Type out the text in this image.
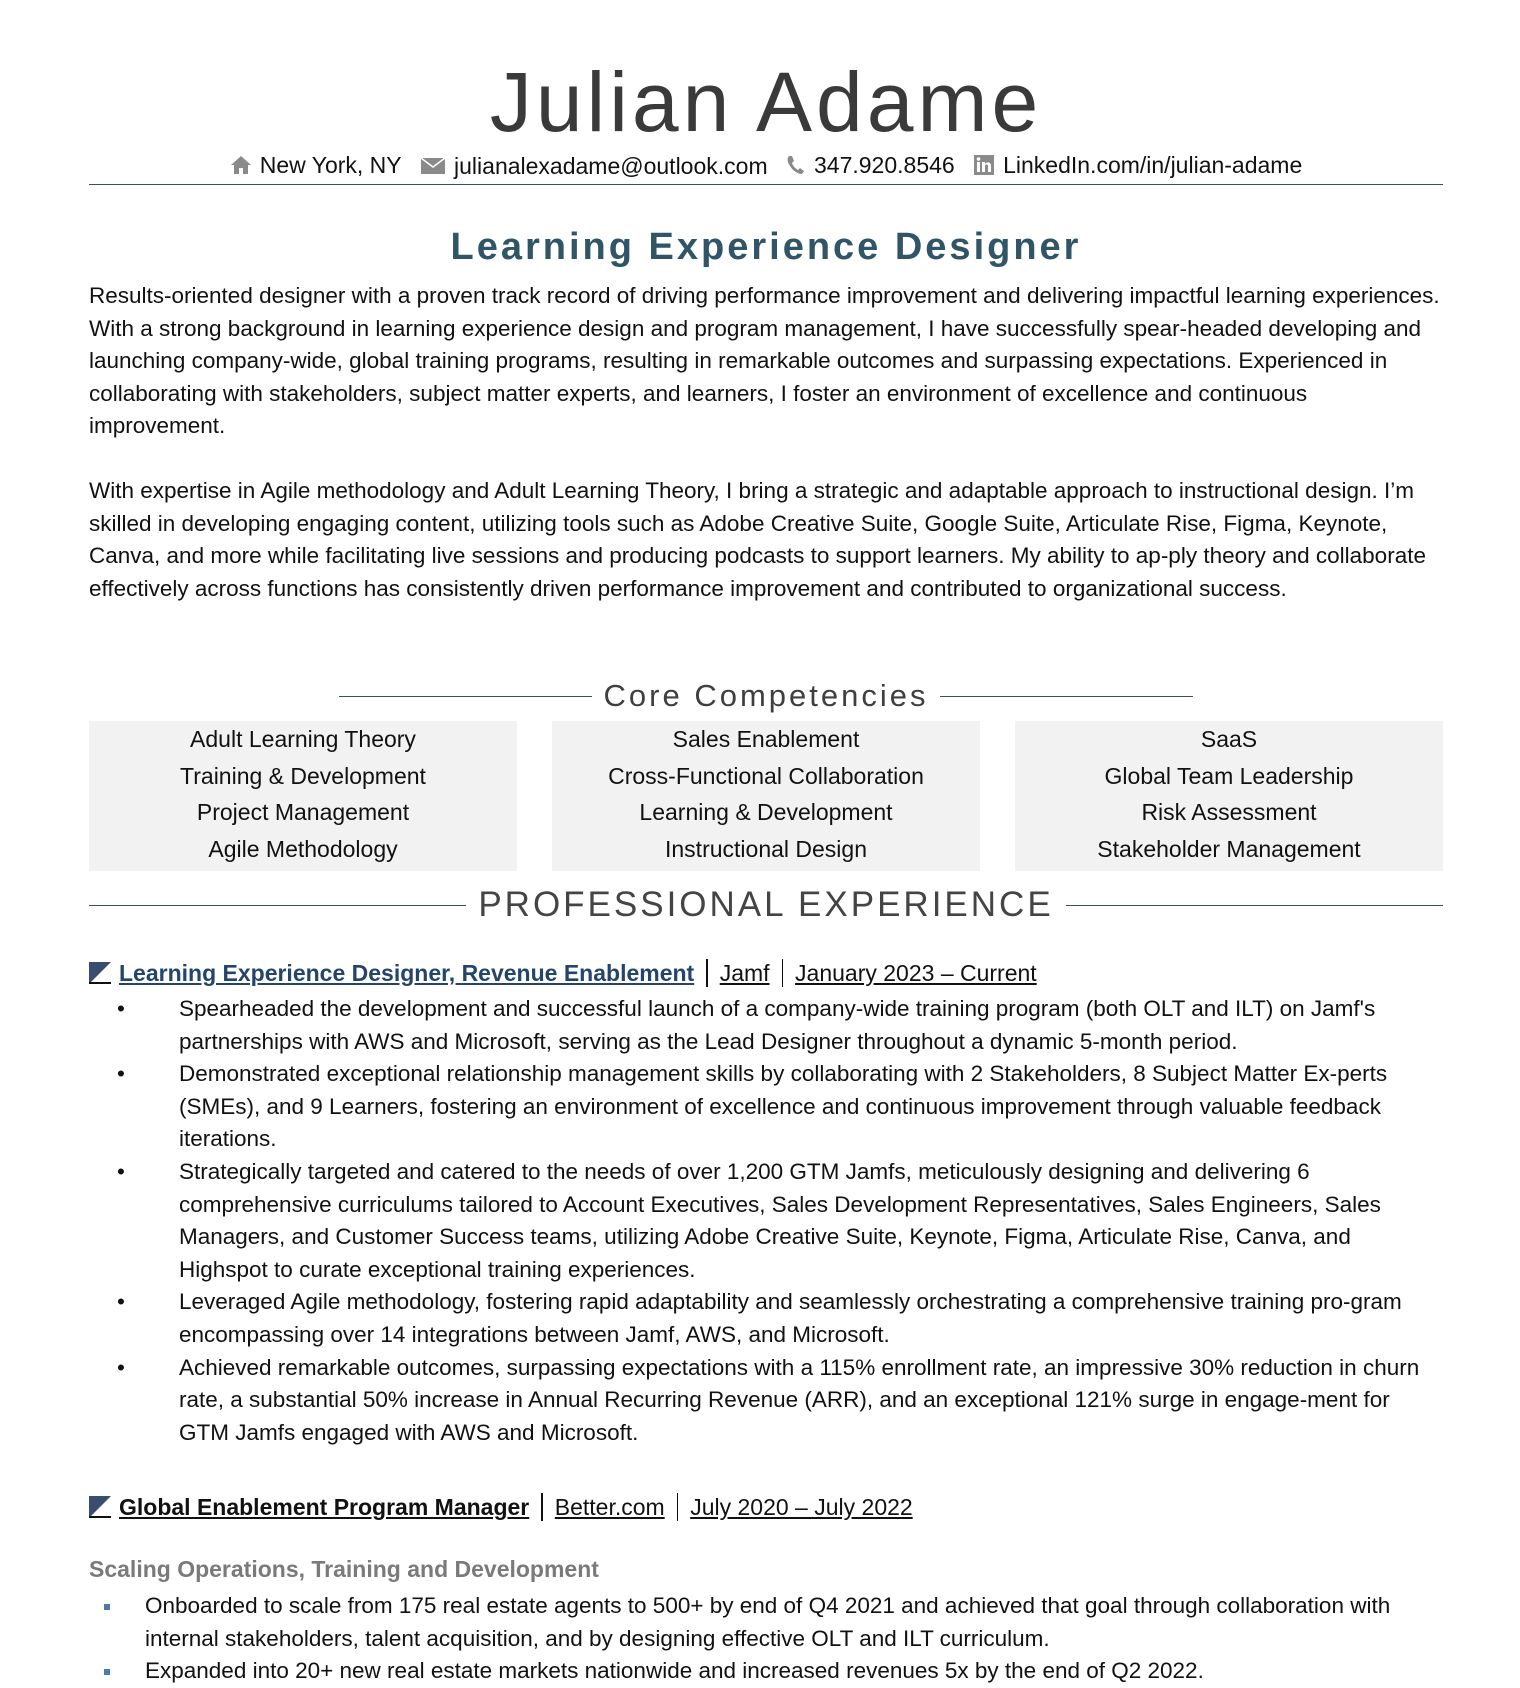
Julian Adame
New York, NY
julianalexadame@outlook.com
347.920.8546
LinkedIn.com/in/julian-adame
Learning Experience Designer

Results-oriented designer with a proven track record of driving performance improvement and delivering impactful learning experiences. With a strong background in learning experience design and program management, I have successfully spear-headed developing and launching company-wide, global training programs, resulting in remarkable outcomes and surpassing expectations. Experienced in collaborating with stakeholders, subject matter experts, and learners, I foster an environment of excellence and continuous improvement.

With expertise in Agile methodology and Adult Learning Theory, I bring a strategic and adaptable approach to instructional design. I’m skilled in developing engaging content, utilizing tools such as Adobe Creative Suite, Google Suite, Articulate Rise, Figma, Keynote, Canva, and more while facilitating live sessions and producing podcasts to support learners. My ability to ap-ply theory and collaborate effectively across functions has consistently driven performance improvement and contributed to organizational success.

Core Competencies
Adult Learning Theory
Training & Development
Project Management
Agile Methodology
Sales Enablement
Cross-Functional Collaboration
Learning & Development
Instructional Design
SaaS
Global Team Leadership
Risk Assessment
Stakeholder Management
PROFESSIONAL EXPERIENCE
Learning Experience Designer, Revenue Enablement Jamf January 2023 – Current
• Spearheaded the development and successful launch of a company-wide training program (both OLT and ILT) on Jamf's partnerships with AWS and Microsoft, serving as the Lead Designer throughout a dynamic 5-month period.
• Demonstrated exceptional relationship management skills by collaborating with 2 Stakeholders, 8 Subject Matter Ex-perts (SMEs), and 9 Learners, fostering an environment of excellence and continuous improvement through valuable feedback iterations.
• Strategically targeted and catered to the needs of over 1,200 GTM Jamfs, meticulously designing and delivering 6 comprehensive curriculums tailored to Account Executives, Sales Development Representatives, Sales Engineers, Sales Managers, and Customer Success teams, utilizing Adobe Creative Suite, Keynote, Figma, Articulate Rise, Canva, and Highspot to curate exceptional training experiences.
• Leveraged Agile methodology, fostering rapid adaptability and seamlessly orchestrating a comprehensive training pro-gram encompassing over 14 integrations between Jamf, AWS, and Microsoft.
• Achieved remarkable outcomes, surpassing expectations with a 115% enrollment rate, an impressive 30% reduction in churn rate, a substantial 50% increase in Annual Recurring Revenue (ARR), and an exceptional 121% surge in engage-ment for GTM Jamfs engaged with AWS and Microsoft.
Global Enablement Program Manager Better.com July 2020 – July 2022
Scaling Operations, Training and Development
Onboarded to scale from 175 real estate agents to 500+ by end of Q4 2021 and achieved that goal through collaboration with internal stakeholders, talent acquisition, and by designing effective OLT and ILT curriculum.
Expanded into 20+ new real estate markets nationwide and increased revenues 5x by the end of Q2 2022.
